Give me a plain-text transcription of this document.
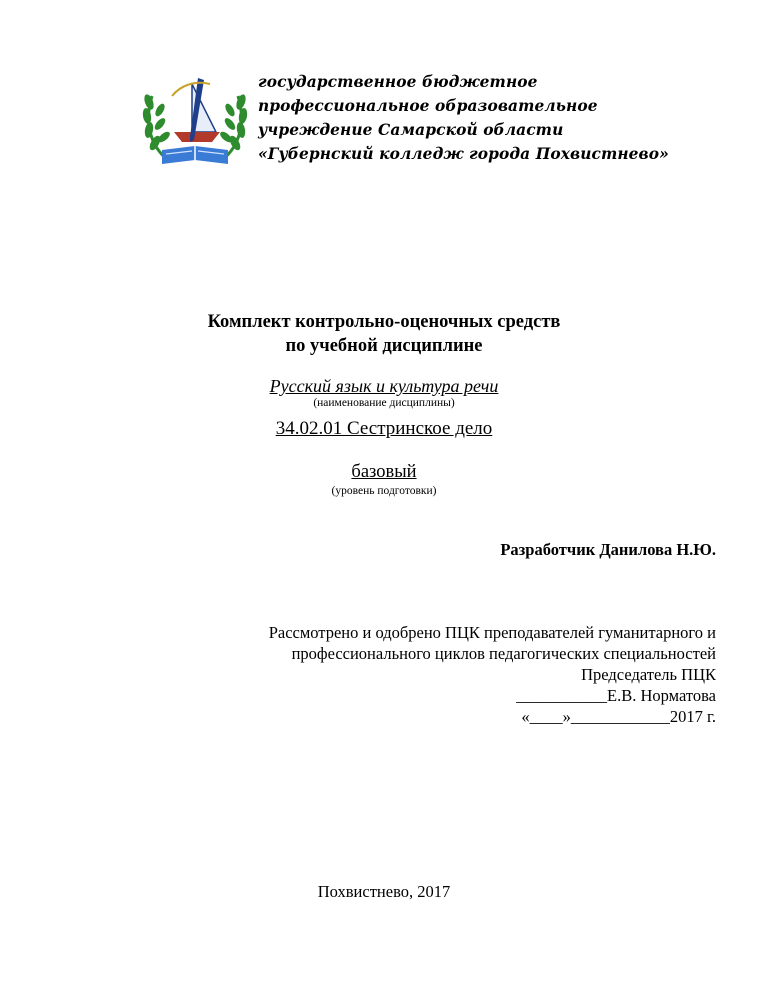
государственное бюджетное
профессиональное образовательное
учреждение Самарской области
«Губернский колледж города Похвистнево»
Комплект контрольно-оценочных средств
по учебной дисциплине
Русский язык и культура речи
(наименование дисциплины)
34.02.01 Сестринское дело
базовый
(уровень подготовки)
Разработчик Данилова Н.Ю.
Рассмотрено и одобрено ПЦК преподавателей гуманитарного и
профессионального циклов педагогических специальностей
Председатель ПЦК
___________Е.В. Норматова
«____»____________2017 г.
Похвистнево, 2017
